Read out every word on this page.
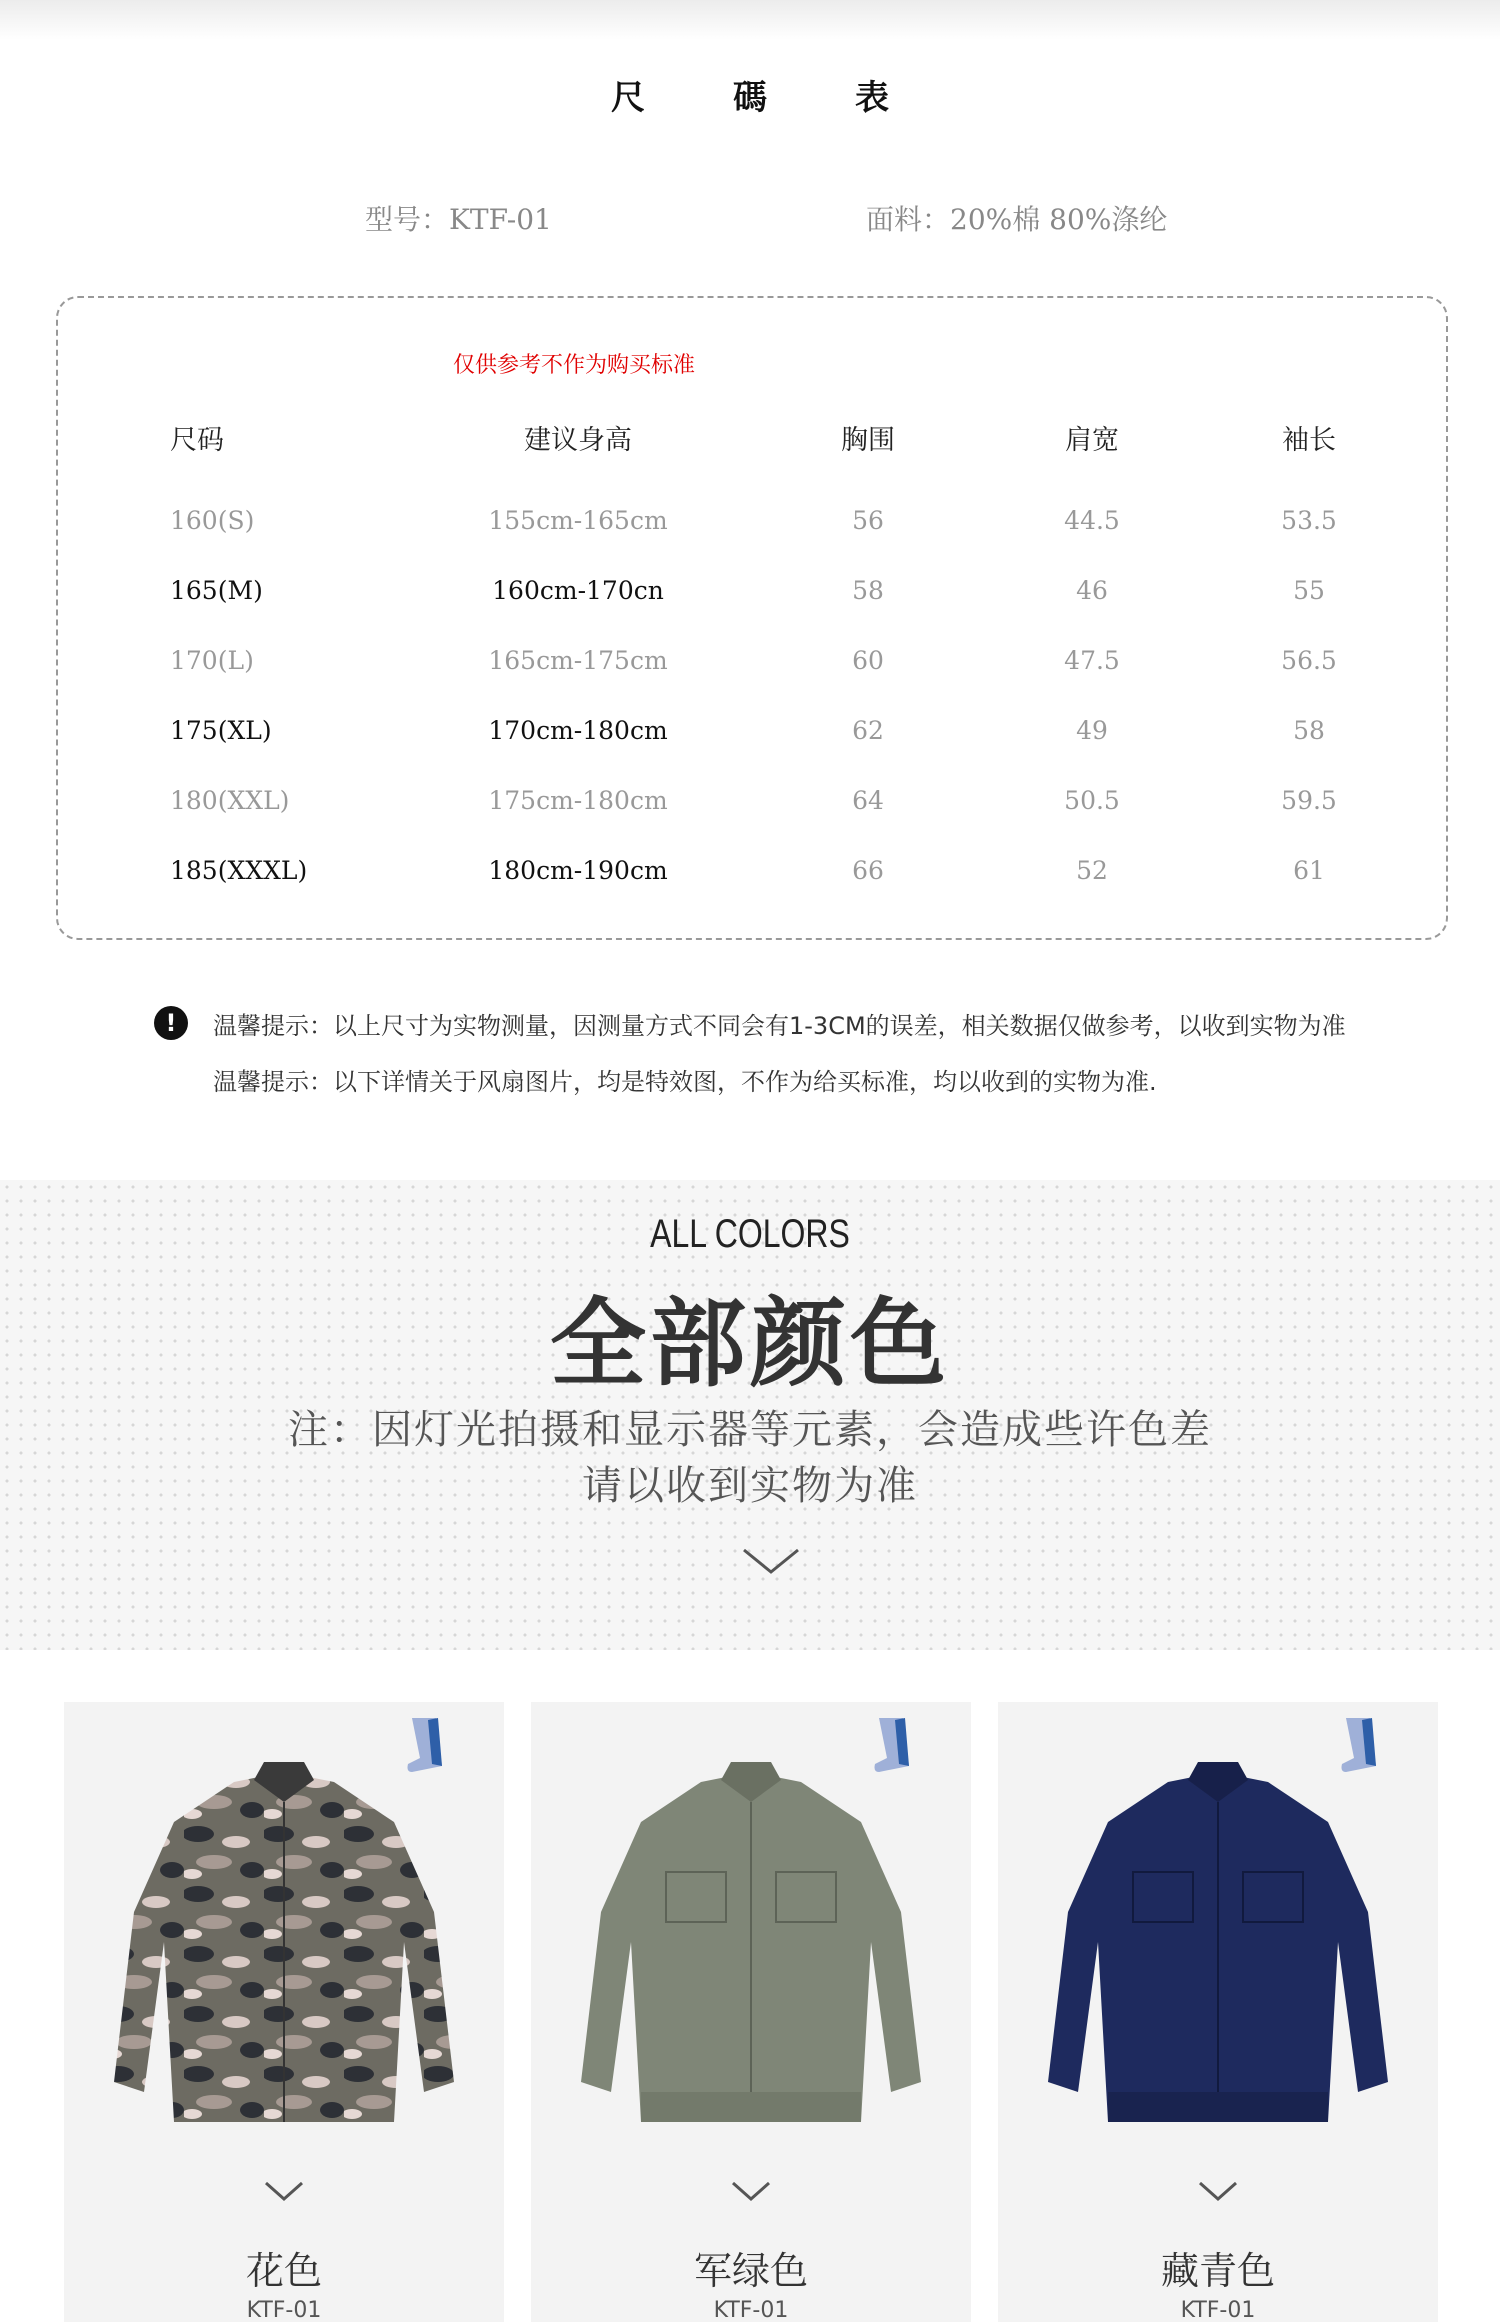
尺碼表
型号：KTF-01	面料：20%棉 80%涤纶
仅供参考不作为购买标准
尺码	建议身高	胸围	肩宽	袖长
160(S)	155cm-165cm	56	44.5	53.5
165(M)	160cm-170cn	58	46	55
170(L)	165cm-175cm	60	47.5	56.5
175(XL)	170cm-180cm	62	49	58
180(XXL)	175cm-180cm	64	50.5	59.5
185(XXXL)	180cm-190cm	66	52	61
!	温馨提示：以上尺寸为实物测量，因测量方式不同会有1-3CM的误差，相关数据仅做参考，以收到实物为准
温馨提示：以下详情关于风扇图片，均是特效图，不作为给买标准，均以收到的实物为准.
ALL COLORS
全部颜色
注：因灯光拍摄和显示器等元素，会造成些许色差
请以收到实物为准
花色
KTF-01
军绿色
KTF-01
藏青色
KTF-01
